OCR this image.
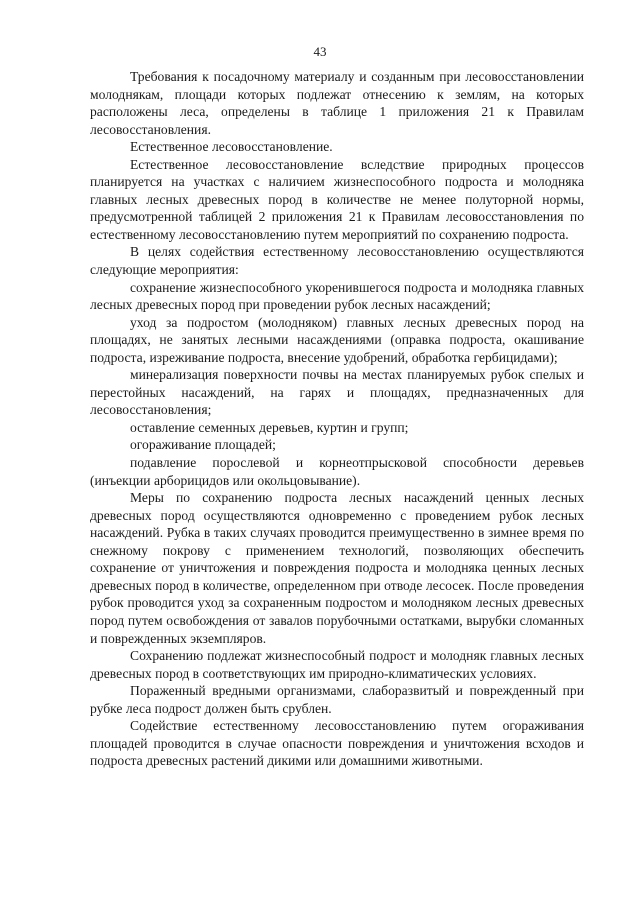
43

Требования к посадочному материалу и созданным при лесовосстановлении молоднякам, площади которых подлежат отнесению к землям, на которых расположены леса, определены в таблице 1 приложения 21 к Правилам лесовосстановления.

Естественное лесовосстановление.

Естественное лесовосстановление вследствие природных процессов планируется на участках с наличием жизнеспособного подроста и молодняка главных лесных древесных пород в количестве не менее полуторной нормы, предусмотренной таблицей 2 приложения 21 к Правилам лесовосстановления по естественному лесовосстановлению путем мероприятий по сохранению подроста.

В целях содействия естественному лесовосстановлению осуществляются следующие мероприятия:

сохранение жизнеспособного укоренившегося подроста и молодняка главных лесных древесных пород при проведении рубок лесных насаждений;

уход за подростом (молодняком) главных лесных древесных пород на площадях, не занятых лесными насаждениями (оправка подроста, окашивание подроста, изреживание подроста, внесение удобрений, обработка гербицидами);

минерализация поверхности почвы на местах планируемых рубок спелых и перестойных насаждений, на гарях и площадях, предназначенных для лесовосстановления;

оставление семенных деревьев, куртин и групп;

огораживание площадей;

подавление порослевой и корнеотпрысковой способности деревьев (инъекции арборицидов или окольцовывание).

Меры по сохранению подроста лесных насаждений ценных лесных древесных пород осуществляются одновременно с проведением рубок лесных насаждений. Рубка в таких случаях проводится преимущественно в зимнее время по снежному покрову с применением технологий, позволяющих обеспечить сохранение от уничтожения и повреждения подроста и молодняка ценных лесных древесных пород в количестве, определенном при отводе лесосек. После проведения рубок проводится уход за сохраненным подростом и молодняком лесных древесных пород путем освобождения от завалов порубочными остатками, вырубки сломанных и поврежденных экземпляров.

Сохранению подлежат жизнеспособный подрост и молодняк главных лесных древесных пород в соответствующих им природно-климатических условиях.

Пораженный вредными организмами, слаборазвитый и поврежденный при рубке леса подрост должен быть срублен.

Содействие естественному лесовосстановлению путем огораживания площадей проводится в случае опасности повреждения и уничтожения всходов и подроста древесных растений дикими или домашними животными.
